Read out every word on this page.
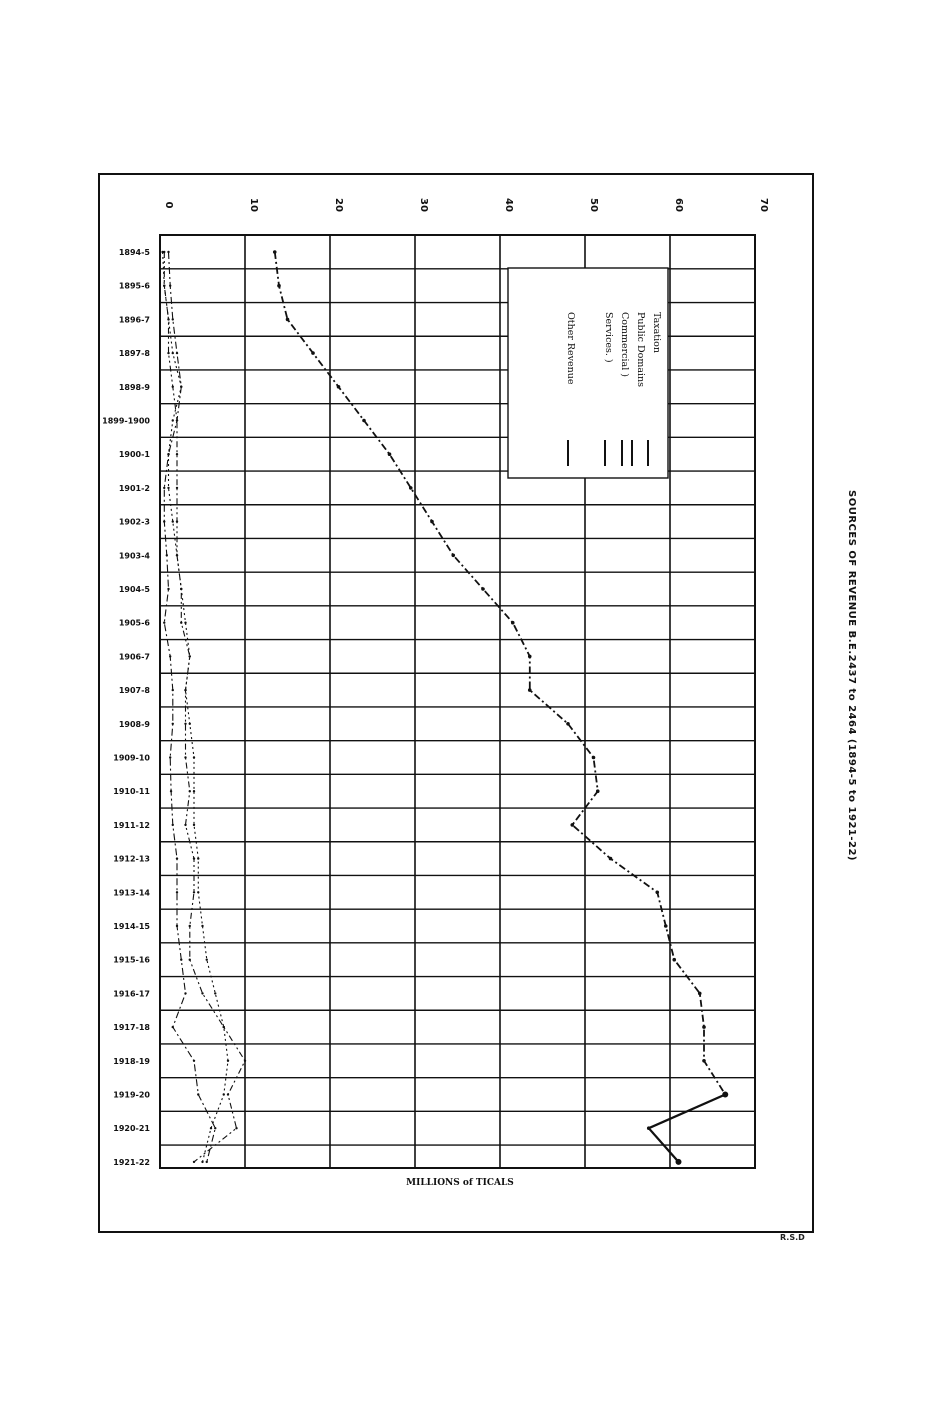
1894-5
1895-6
1896-7
1897-8
1898-9
1899-1900
1900-1
1901-2
1902-3
1903-4
1904-5
1905-6
1906-7
1907-8
1908-9
1909-10
1910-11
1911-12
1912-13
1913-14
1914-15
1915-16
1916-17
1917-18
1918-19
1919-20
1920-21
1921-22
0	10	20	30	40	50	60	70
Taxation
Public Domains
Commercial )
Services. )
Other Revenue
MILLIONS of TICALS
SOURCES OF REVENUE B.E.2437 to 2464 (1894-5 to 1921-22)
R.S.D
